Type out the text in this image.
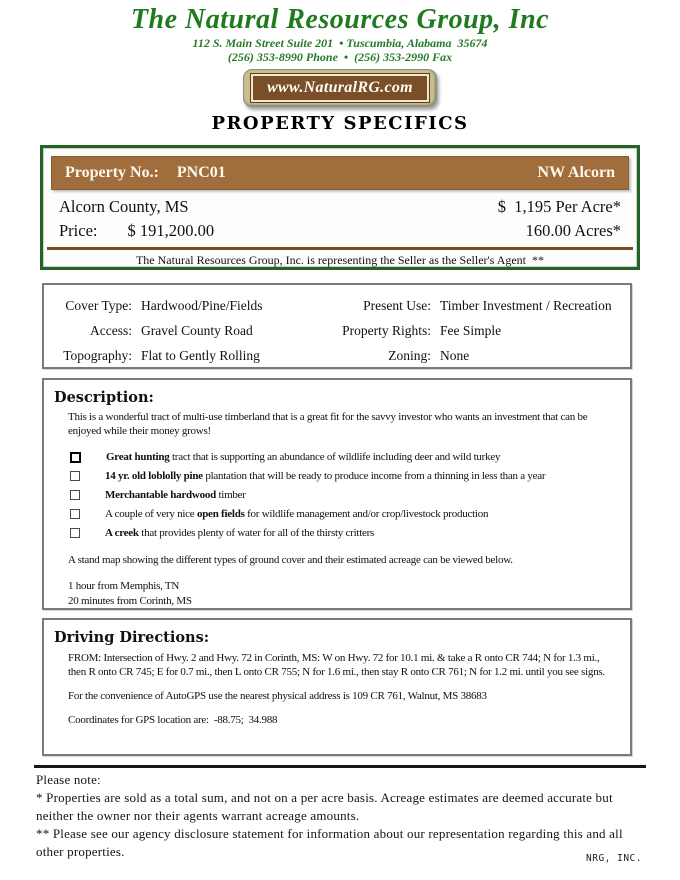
The Natural Resources Group, Inc
112 S. Main Street Suite 201  • Tuscumbia, Alabama  35674
(256) 353-8990 Phone  •  (256) 353-2990 Fax
www.NaturalRG.com
PROPERTY SPECIFICS
Property No.: PNC01	NW Alcorn
Alcorn County, MS	$  1,195 Per Acre*
Price: $ 191,200.00	160.00 Acres*
The Natural Resources Group, Inc. is representing the Seller as the Seller's Agent  **
Cover Type: Hardwood/Pine/Fields	Present Use: Timber Investment / Recreation
Access: Gravel County Road	Property Rights: Fee Simple
Topography: Flat to Gently Rolling	Zoning: None
Description:
This is a wonderful tract of multi-use timberland that is a great fit for the savvy investor who wants an investment that can be enjoyed while their money grows!
Great hunting tract that is supporting an abundance of wildlife including deer and wild turkey
14 yr. old loblolly pine plantation that will be ready to produce income from a thinning in less than a year
Merchantable hardwood timber
A couple of very nice open fields for wildlife management and/or crop/livestock production
A creek that provides plenty of water for all of the thirsty critters
A stand map showing the different types of ground cover and their estimated acreage can be viewed below.
1 hour from Memphis, TN
20 minutes from Corinth, MS
Driving Directions:
FROM: Intersection of Hwy. 2 and Hwy. 72 in Corinth, MS: W on Hwy. 72 for 10.1 mi. & take a R onto CR 744; N for 1.3 mi., then R onto CR 745; E for 0.7 mi., then L onto CR 755; N for 1.6 mi., then stay R onto CR 761; N for 1.2 mi. until you see signs.
For the convenience of AutoGPS use the nearest physical address is 109 CR 761, Walnut, MS 38683
Coordinates for GPS location are:  -88.75;  34.988

Please note:

* Properties are sold as a total sum, and not on a per acre basis. Acreage estimates are deemed accurate but neither the owner nor their agents warrant acreage amounts.

** Please see our agency disclosure statement for information about our representation regarding this and all other properties.	NRG, INC.
